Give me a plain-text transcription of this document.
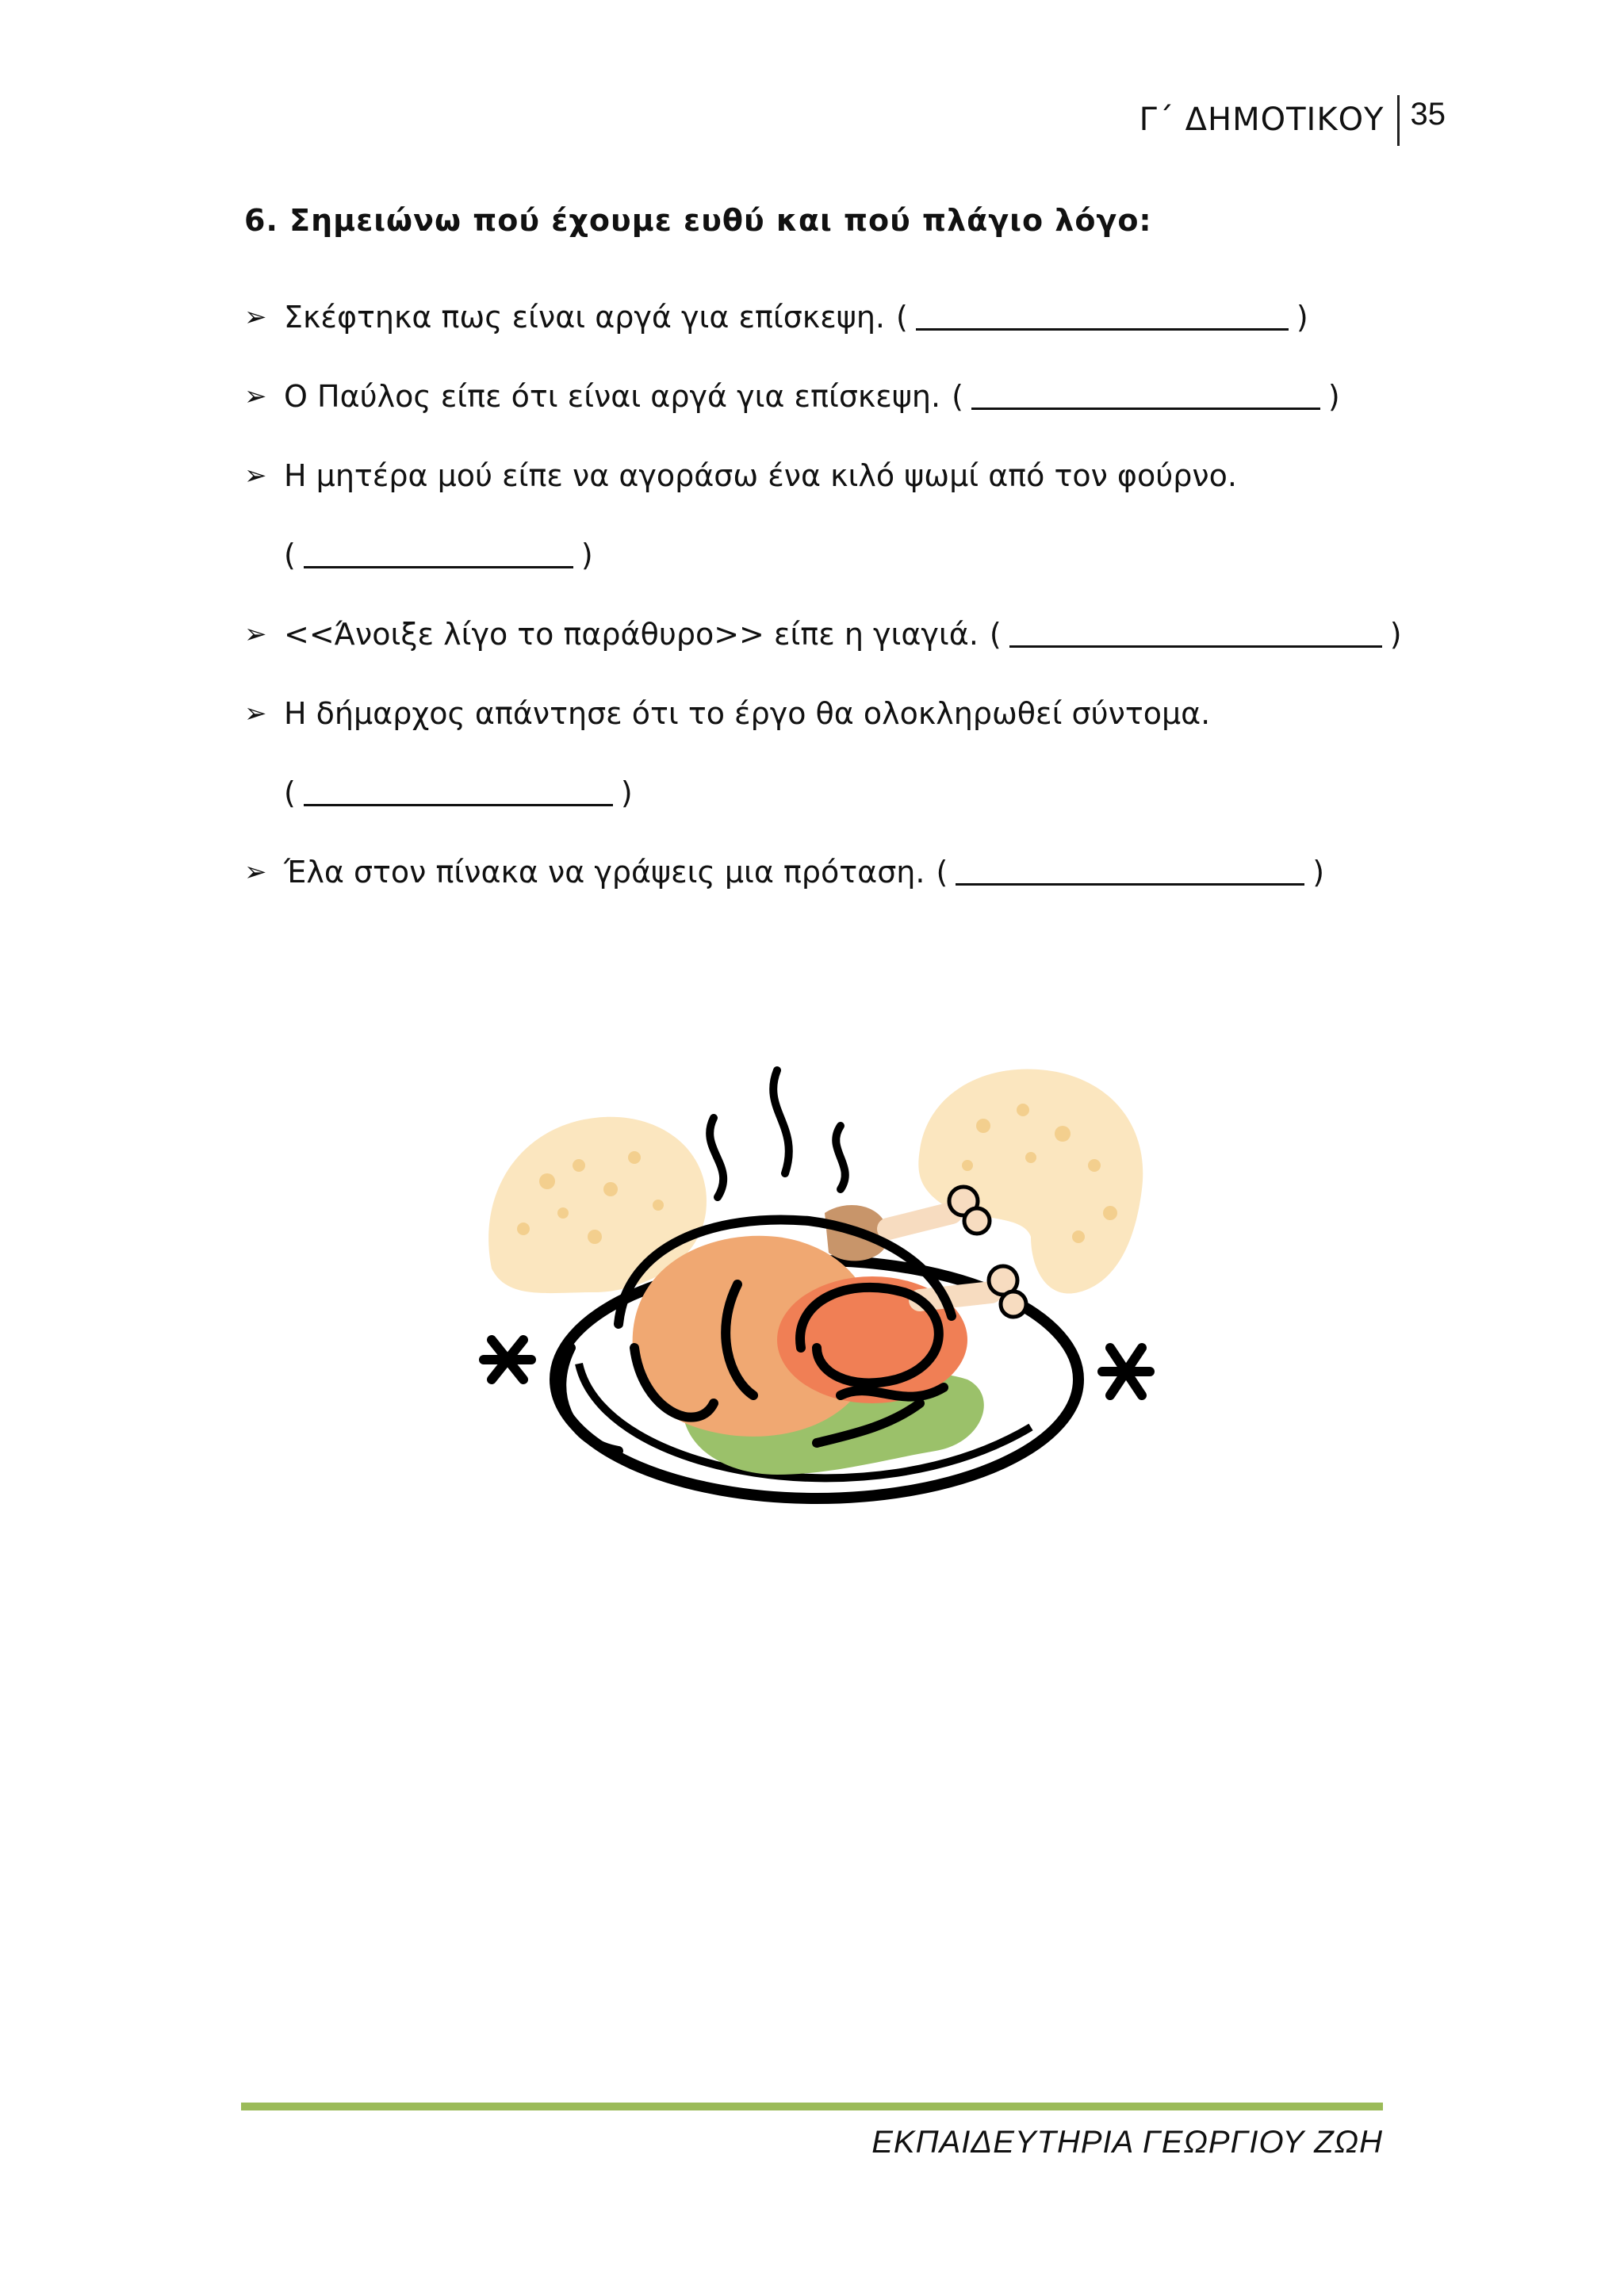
Γ΄ ΔΗΜΟΤΙΚΟΥ 35
6. Σημειώνω πού έχουμε ευθύ και πού πλάγιο λόγο:
➢ Σκέφτηκα πως είναι αργά για επίσκεψη. (	)
➢ Ο Παύλος είπε ότι είναι αργά για επίσκεψη. (	)
➢ Η μητέρα μού είπε να αγοράσω ένα κιλό ψωμί από τον φούρνο.
(	)
➢ <<Άνοιξε λίγο το παράθυρο>> είπε η γιαγιά. (	)
➢ Η δήμαρχος απάντησε ότι το έργο θα ολοκληρωθεί σύντομα.
(	)
➢ Έλα στον πίνακα να γράψεις μια πρόταση. (	)
ΕΚΠΑΙΔΕΥΤΗΡΙΑ ΓΕΩΡΓΙΟΥ ΖΩΗ
